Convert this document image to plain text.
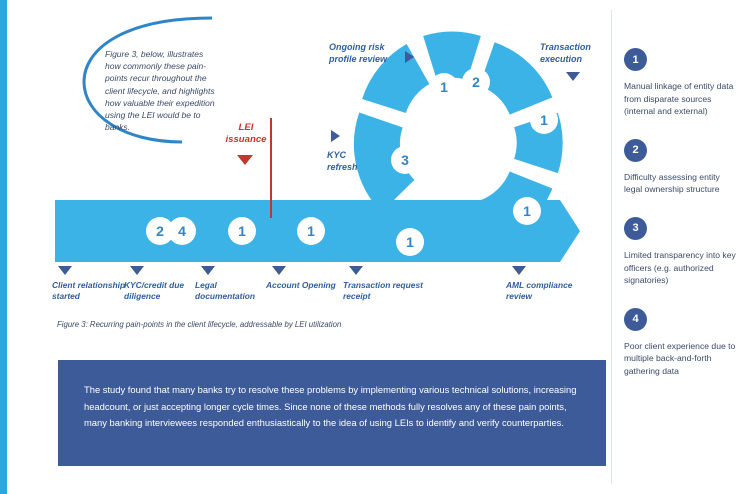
Figure 3, below, illustrates how commonly these pain-points recur throughout the client lifecycle, and highlights how valuable their expedition using the LEI would be to banks.
2	4	1	1
1
1
1	2
3
1
LEI
issuance
Ongoing risk
profile review
Transaction
execution
KYC
refresh
Client relationship started
KYC/credit due diligence
Legal documentation
Account Opening Transaction request receipt
AML compliance review
Figure 3: Recurring pain-points in the client lifecycle, addressable by LEI utilization

The study found that many banks try to resolve these problems by implementing various technical solutions, increasing headcount, or just accepting longer cycle times. Since none of these methods fully resolves any of these pain points, many banking interviewees responded enthusiastically to the idea of using LEIs to identify and verify counterparties.

1
Manual linkage of entity data from disparate sources (internal and external)
2
Difficulty assessing entity legal ownership structure
3
Limited transparency into key officers (e.g. authorized signatories)
4
Poor client experience due to multiple back-and-forth gathering data
